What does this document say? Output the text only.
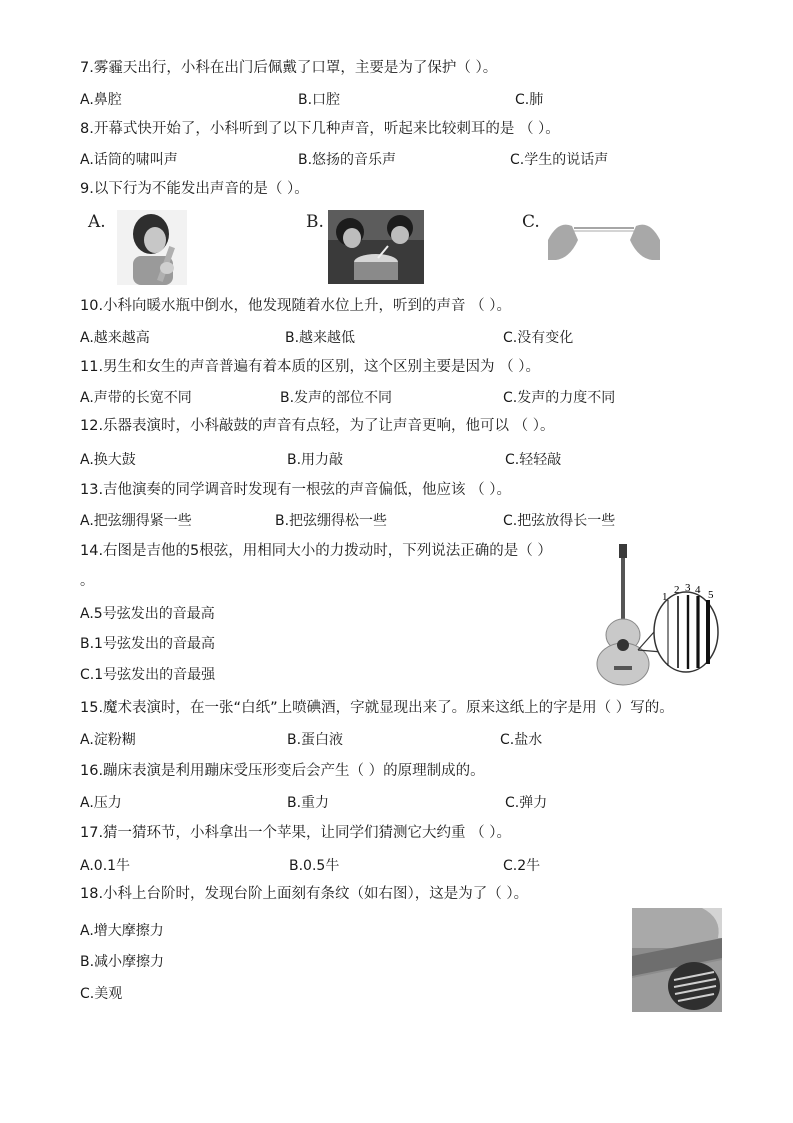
7.雾霾天出行，小科在出门后佩戴了口罩，主要是为了保护（ ）。
A.鼻腔	B.口腔	C.肺
8.开幕式快开始了，小科听到了以下几种声音，听起来比较刺耳的是 （ ）。
A.话筒的啸叫声	B.悠扬的音乐声	C.学生的说话声
9.以下行为不能发出声音的是（ ）。
A.	B.	C.
10.小科向暖水瓶中倒水，他发现随着水位上升，听到的声音 （ ）。
A.越来越高	B.越来越低	C.没有变化
11.男生和女生的声音普遍有着本质的区别，这个区别主要是因为 （ ）。
A.声带的长宽不同	B.发声的部位不同	C.发声的力度不同
12.乐器表演时，小科敲鼓的声音有点轻，为了让声音更响，他可以 （ ）。
A.换大鼓	B.用力敲	C.轻轻敲
13.吉他演奏的同学调音时发现有一根弦的声音偏低，他应该 （ ）。
A.把弦绷得紧一些	B.把弦绷得松一些	C.把弦放得长一些
14.右图是吉他的5根弦，用相同大小的力拨动时，下列说法正确的是（ ）
。
A.5号弦发出的音最高
B.1号弦发出的音最高
C.1号弦发出的音最强
1
2 3 4 5
15.魔术表演时，在一张“白纸”上喷碘酒，字就显现出来了。原来这纸上的字是用（ ）写的。
A.淀粉糊	B.蛋白液	C.盐水
16.蹦床表演是利用蹦床受压形变后会产生（ ）的原理制成的。
A.压力	B.重力	C.弹力
17.猜一猜环节，小科拿出一个苹果，让同学们猜测它大约重 （ ）。
A.0.1牛	B.0.5牛	C.2牛
18.小科上台阶时，发现台阶上面刻有条纹（如右图），这是为了（ ）。
A.增大摩擦力
B.减小摩擦力
C.美观
